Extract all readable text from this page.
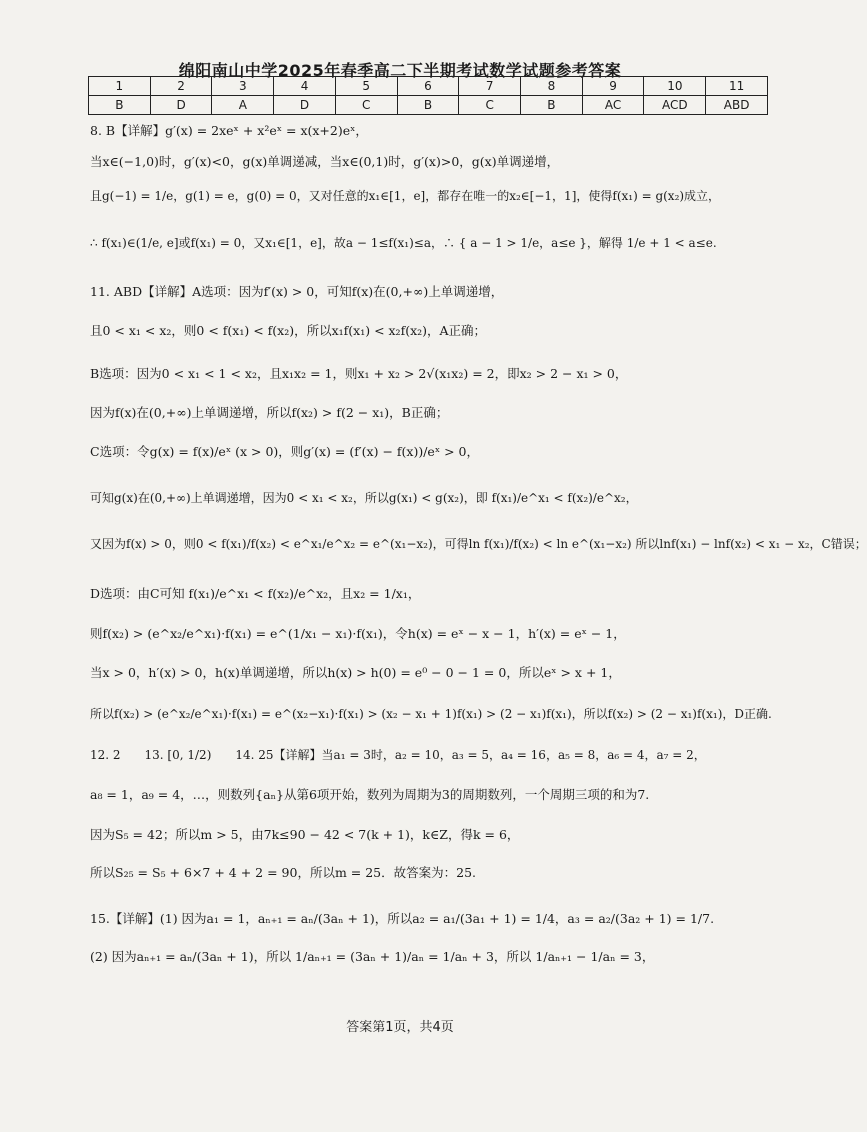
绵阳南山中学2025年春季高二下半期考试数学试题参考答案
1	2	3	4	5	6	7	8	9	10	11
B	D	A	D	C	B	C	B	AC	ACD	ABD
8. B【详解】g′(x) = 2xeˣ + x²eˣ = x(x+2)eˣ，
当x∈(−1,0)时，g′(x)<0，g(x)单调递减，当x∈(0,1)时，g′(x)>0，g(x)单调递增，
且g(−1) = 1/e，g(1) = e，g(0) = 0，又对任意的x₁∈[1，e]，都存在唯一的x₂∈[−1，1]，使得f(x₁) = g(x₂)成立，
∴ f(x₁)∈(1/e, e]或f(x₁) = 0，又x₁∈[1，e]，故a − 1≤f(x₁)≤a，∴ { a − 1 > 1/e，a≤e }，解得 1/e + 1 < a≤e.
11. ABD【详解】A选项：因为f′(x) > 0，可知f(x)在(0,+∞)上单调递增，
且0 < x₁ < x₂，则0 < f(x₁) < f(x₂)，所以x₁f(x₁) < x₂f(x₂)，A正确；
B选项：因为0 < x₁ < 1 < x₂，且x₁x₂ = 1，则x₁ + x₂ > 2√(x₁x₂) = 2，即x₂ > 2 − x₁ > 0，
因为f(x)在(0,+∞)上单调递增，所以f(x₂) > f(2 − x₁)，B正确；
C选项：令g(x) = f(x)/eˣ (x > 0)，则g′(x) = (f′(x) − f(x))/eˣ > 0，
可知g(x)在(0,+∞)上单调递增，因为0 < x₁ < x₂，所以g(x₁) < g(x₂)，即 f(x₁)/e^x₁ < f(x₂)/e^x₂，
又因为f(x) > 0，则0 < f(x₁)/f(x₂) < e^x₁/e^x₂ = e^(x₁−x₂)，可得ln f(x₁)/f(x₂) < ln e^(x₁−x₂) 所以lnf(x₁) − lnf(x₂) < x₁ − x₂，C错误；
D选项：由C可知 f(x₁)/e^x₁ < f(x₂)/e^x₂，且x₂ = 1/x₁，
则f(x₂) > (e^x₂/e^x₁)·f(x₁) = e^(1/x₁ − x₁)·f(x₁)，令h(x) = eˣ − x − 1，h′(x) = eˣ − 1，
当x > 0，h′(x) > 0，h(x)单调递增，所以h(x) > h(0) = e⁰ − 0 − 1 = 0，所以eˣ > x + 1，
所以f(x₂) > (e^x₂/e^x₁)·f(x₁) = e^(x₂−x₁)·f(x₁) > (x₂ − x₁ + 1)f(x₁) > (2 − x₁)f(x₁)，所以f(x₂) > (2 − x₁)f(x₁)，D正确.
12. 2　　13. [0, 1/2)　　14. 25【详解】当a₁ = 3时，a₂ = 10，a₃ = 5，a₄ = 16，a₅ = 8，a₆ = 4，a₇ = 2，
a₈ = 1，a₉ = 4，…，则数列{aₙ}从第6项开始，数列为周期为3的周期数列，一个周期三项的和为7.
因为S₅ = 42；所以m > 5，由7k≤90 − 42 < 7(k + 1)，k∈Z，得k = 6，
所以S₂₅ = S₅ + 6×7 + 4 + 2 = 90，所以m = 25．故答案为：25.
15.【详解】(1) 因为a₁ = 1，aₙ₊₁ = aₙ/(3aₙ + 1)，所以a₂ = a₁/(3a₁ + 1) = 1/4，a₃ = a₂/(3a₂ + 1) = 1/7.
(2) 因为aₙ₊₁ = aₙ/(3aₙ + 1)，所以 1/aₙ₊₁ = (3aₙ + 1)/aₙ = 1/aₙ + 3，所以 1/aₙ₊₁ − 1/aₙ = 3，
答案第1页，共4页
